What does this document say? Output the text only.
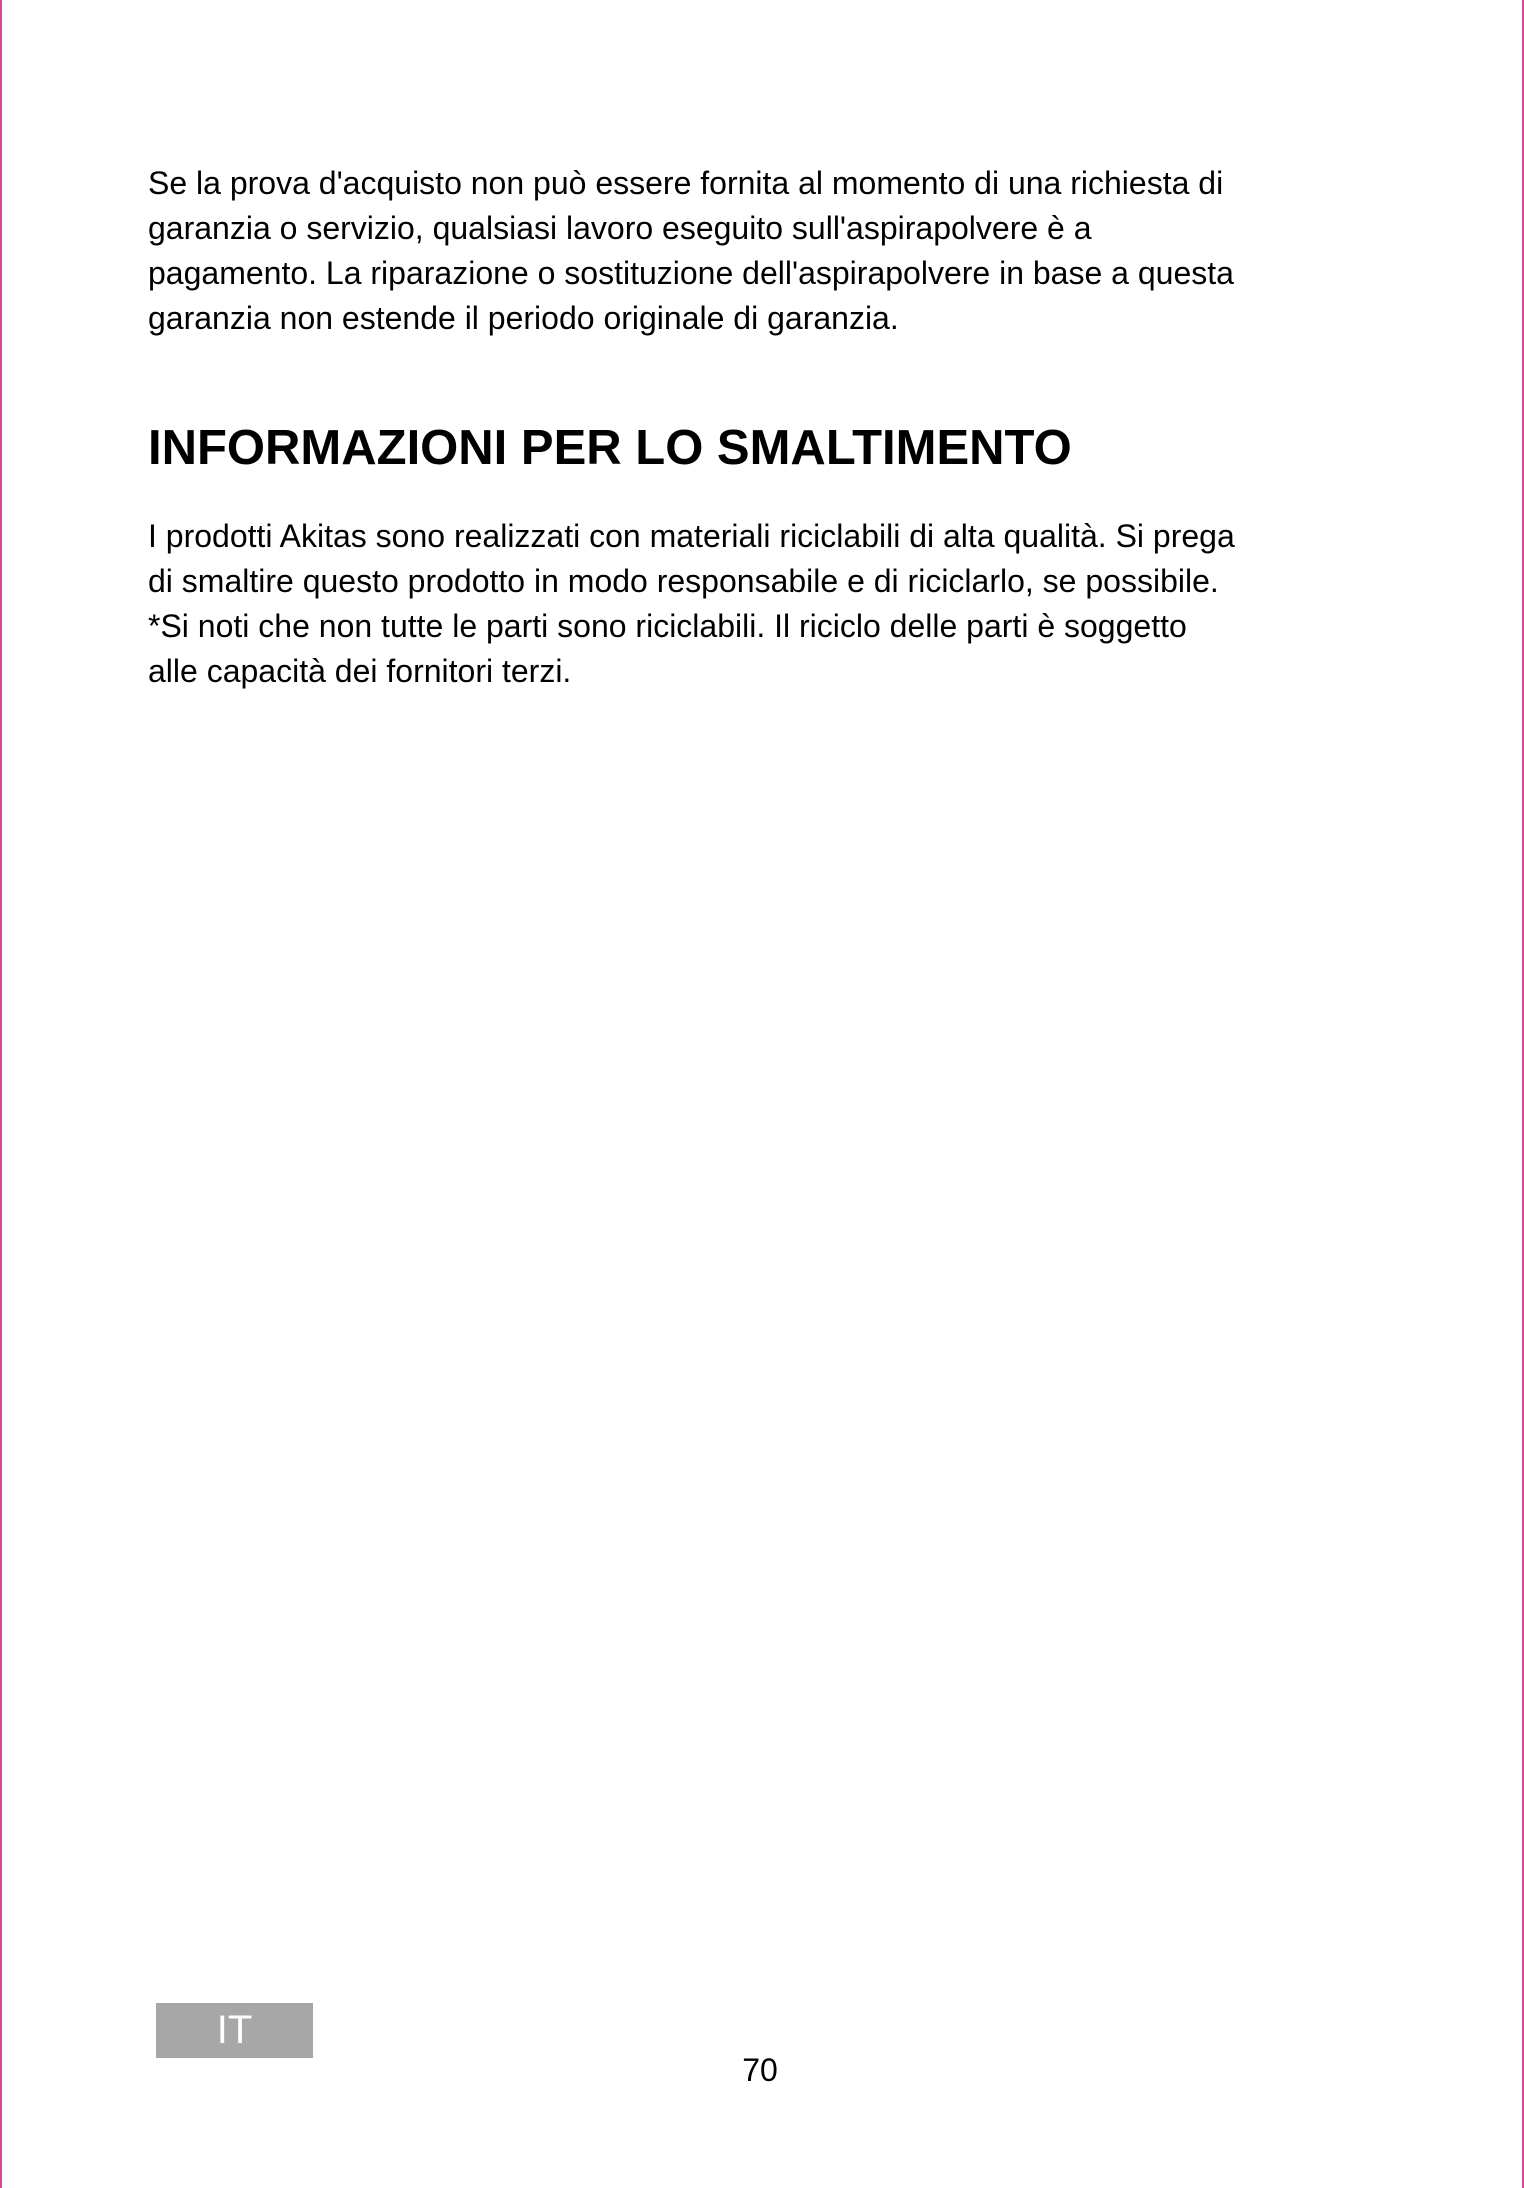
Se la prova d'acquisto non può essere fornita al momento di una richiesta di
garanzia o servizio, qualsiasi lavoro eseguito sull'aspirapolvere è a
pagamento. La riparazione o sostituzione dell'aspirapolvere in base a questa
garanzia non estende il periodo originale di garanzia.

INFORMAZIONI PER LO SMALTIMENTO

I prodotti Akitas sono realizzati con materiali riciclabili di alta qualità. Si prega
di smaltire questo prodotto in modo responsabile e di riciclarlo, se possibile.
*Si noti che non tutte le parti sono riciclabili. Il riciclo delle parti è soggetto
alle capacità dei fornitori terzi.

IT
70
